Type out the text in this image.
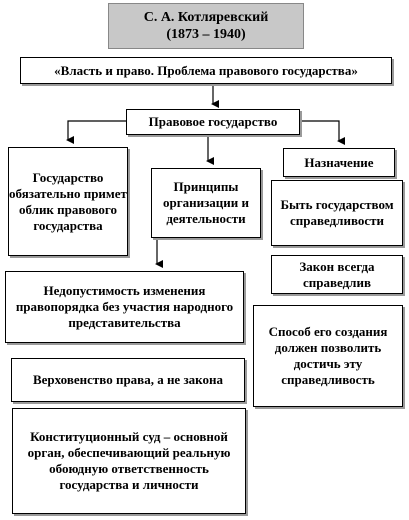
С. А. Котляревский
(1873 – 1940)
«Власть и право. Проблема правового государства»
Правовое государство
Государство обязательно примет облик правового государства
Принципы организации и деятельности
Назначение
Быть государством справедливости
Закон всегда справедлив
Способ его создания должен позволить достичь эту справедливость
Недопустимость изменения правопорядка без участия народного представительства
Верховенство права, а не закона
Конституционный суд – основной орган, обеспечивающий реальную обоюдную ответственность государства и личности
